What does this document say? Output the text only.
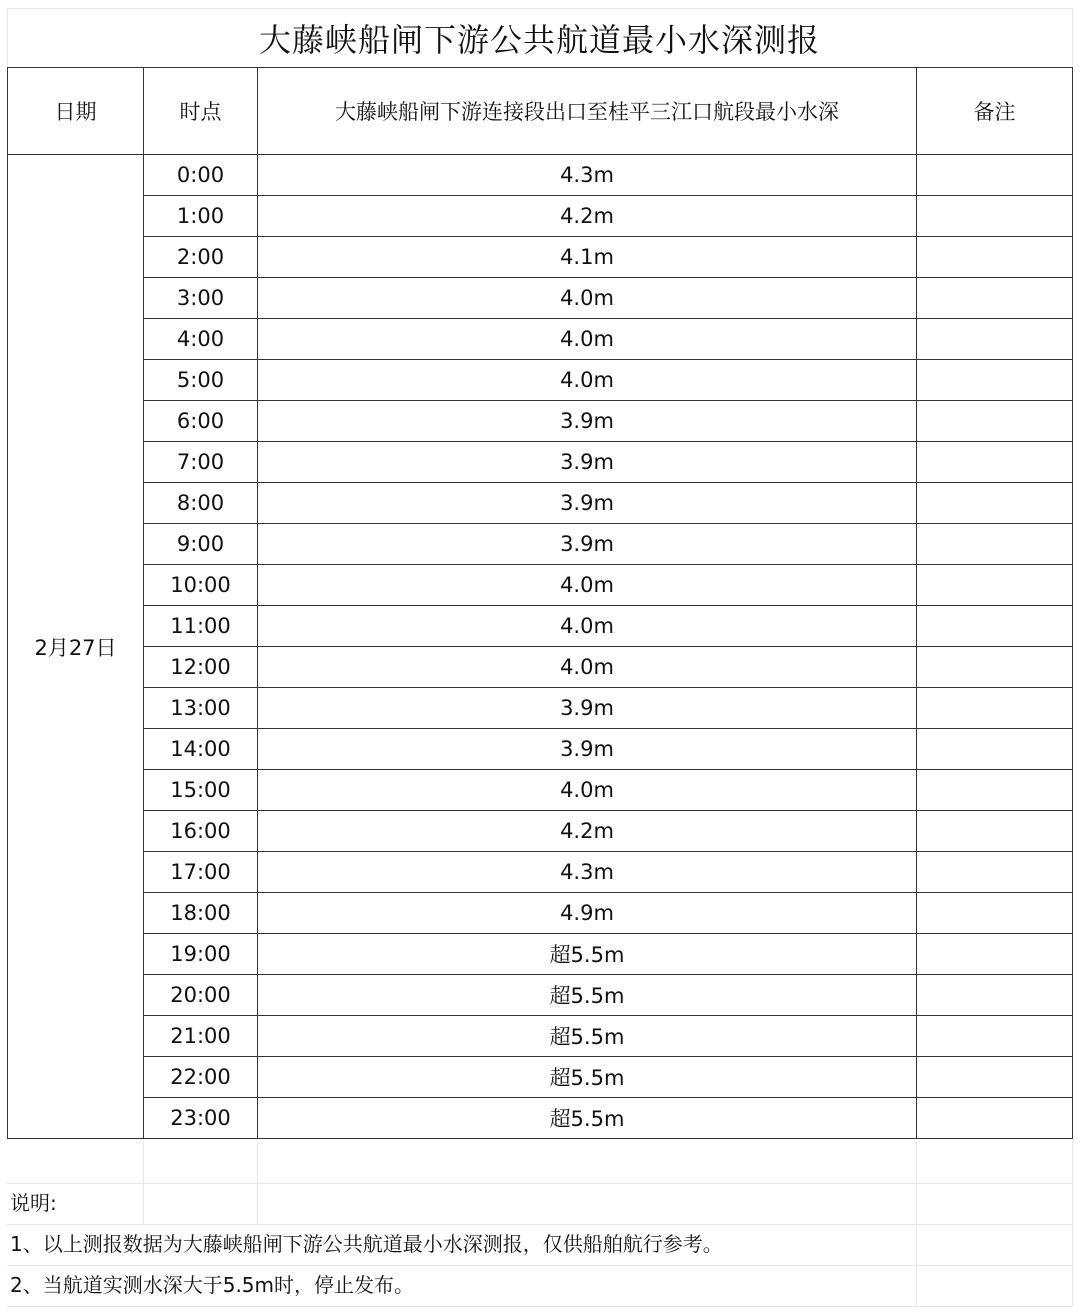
大藤峡船闸下游公共航道最小水深测报
日期	时点	大藤峡船闸下游连接段出口至桂平三江口航段最小水深	备注
2月27日	0:00	4.3m	
	1:00	4.2m	
	2:00	4.1m	
	3:00	4.0m	
	4:00	4.0m	
	5:00	4.0m	
	6:00	3.9m	
	7:00	3.9m	
	8:00	3.9m	
	9:00	3.9m	
	10:00	4.0m	
	11:00	4.0m	
	12:00	4.0m	
	13:00	3.9m	
	14:00	3.9m	
	15:00	4.0m	
	16:00	4.2m	
	17:00	4.3m	
	18:00	4.9m	
	19:00	超5.5m	
	20:00	超5.5m	
	21:00	超5.5m	
	22:00	超5.5m	
	23:00	超5.5m	
说明:
1、以上测报数据为大藤峡船闸下游公共航道最小水深测报，仅供船舶航行参考。
2、当航道实测水深大于5.5m时，停止发布。
